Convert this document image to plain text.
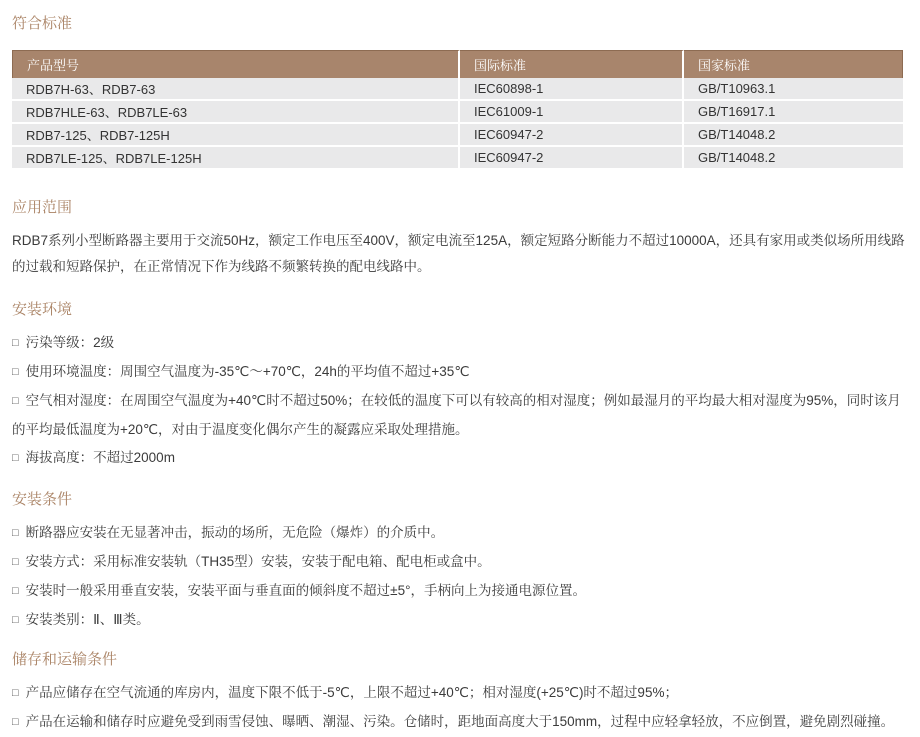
符合标准
产品型号	国际标准	国家标准
RDB7H-63、RDB7-63	IEC60898-1	GB/T10963.1
RDB7HLE-63、RDB7LE-63	IEC61009-1	GB/T16917.1
RDB7-125、RDB7-125H	IEC60947-2	GB/T14048.2
RDB7LE-125、RDB7LE-125H	IEC60947-2	GB/T14048.2
应用范围

RDB7系列小型断路器主要用于交流50Hz，额定工作电压至400V，额定电流至125A，额定短路分断能力不超过10000A，还具有家用或类似场所用线路的过载和短路保护，在正常情况下作为线路不频繁转换的配电线路中。

安装环境
□ 污染等级：2级
□ 使用环境温度：周围空气温度为-35℃～+70℃，24h的平均值不超过+35℃
□ 空气相对湿度：在周围空气温度为+40℃时不超过50%；在较低的温度下可以有较高的相对湿度；例如最湿月的平均最大相对湿度为95%，同时该月的平均最低温度为+20℃，对由于温度变化偶尔产生的凝露应采取处理措施。
□ 海拔高度：不超过2000m
安装条件
□ 断路器应安装在无显著冲击，振动的场所，无危险（爆炸）的介质中。
□ 安装方式：采用标准安装轨（TH35型）安装，安装于配电箱、配电柜或盒中。
□ 安装时一般采用垂直安装，安装平面与垂直面的倾斜度不超过±5°，手柄向上为接通电源位置。
□ 安装类别：Ⅱ、Ⅲ类。
储存和运输条件
□ 产品应储存在空气流通的库房内，温度下限不低于-5℃，上限不超过+40℃；相对湿度(+25℃)时不超过95%；
□ 产品在运输和储存时应避免受到雨雪侵蚀、曝晒、潮湿、污染。仓储时，距地面高度大于150mm，过程中应轻拿轻放，不应倒置，避免剧烈碰撞。
